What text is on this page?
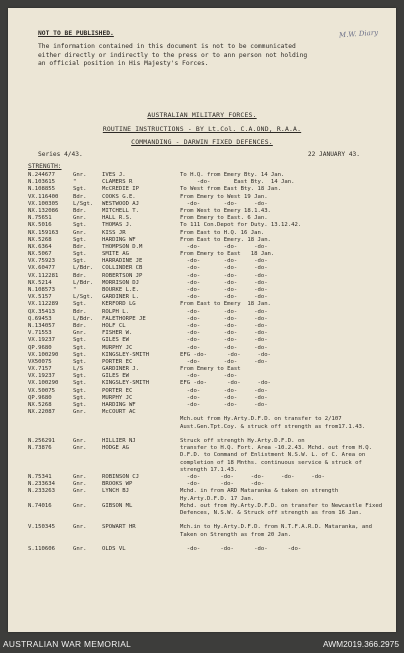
M.W. Diary
NOT TO BE PUBLISHED.
The information contained in this document is not to be communicated either directly or indirectly to the press or to ann person not holding an official position in His Majesty's Forces.
AUSTRALIAN MILITARY FORCES.
ROUTINE INSTRUCTIONS - BY Lt.Col. C.A.OND, R.A.A.
COMMANDING - DARWIN FIXED DEFENCES.
Series 4/43.	22 JANUARY 43.
STRENGTH:
N.244677	Gnr.	IVES J.	To H.Q. from Emery Bty. 14 Jan.
N.103615	"	CLAMERS R	-do-       East Bty.  14 Jan.
N.108855	Sgt.	McCREDIE IP	To West from East Bty. 18 Jan.
VX.116400	Bdr.	COOKS G.E.	From Emery to West 19 Jan.
VX.100305	L/Sgt.	WESTWOOD AJ	-do-       -do-     -do-
NX.132086	Bdr.	MITCHELL T.	From West to Emery 18.1.43.
N.75651	Gnr.	HALL R.S.	From Emery to East. 6 Jan.
NX.5016	Sgt.	THOMAS J.	To 111 Con.Depot for Duty. 13.12.42.
NX.159163	Gnr.	KISS JR	From East to H.Q. 16 Jan.
NX.5268	Sgt.	HARDING WF	From East to Emery. 18 Jan.
NX.6364	Bdr.	THOMPSON D.M	-do-       -do-     -do-
NX.5067	Sgt.	SMITE AG	From Emery to East   18 Jan.
VX.75923	Sgt.	HARRADINE JE	-do-       -do-     -do-
VX.60477	L/Bdr.	COLLINDER CB	-do-       -do-     -do-
VX.112281	Bdr.	ROBERTSON JP	-do-       -do-     -do-
NX.5214	L/Bdr.	MORRISON DJ	-do-       -do-     -do-
N.108573	"	BOURKE L.E.	-do-       -do-     -do-
VX.5157	L/Sgt.	GARDINER L.	-do-       -do-     -do-
VX.112289	Sgt.	KERFORD LG	From East to Emery  18 Jan.
QX.35413	Bdr.	ROLPH L.	-do-       -do-     -do-
Q.69453	L/Bdr.	FALETHORPE JE	-do-       -do-     -do-
N.134057	Bdr.	HOLF CL	-do-       -do-     -do-
V.71553	Gnr.	FISHER W.	-do-       -do-     -do-
VX.19237	Sgt.	GILES EW	-do-       -do-     -do-
QP.9680	Sgt.	MURPHY JC	-do-       -do-     -do-
VX.100290	Sgt.	KINGSLEY-SMITH	EFG -do-      -do-     -do-
VX50075	Sgt.	PORTER EC	-do-       -do-     -do-
VX.7157	L/S	GARDINER J.	From Emery to East
VX.19237	Sgt.	GILES EW	-do-       -do-
VX.100290	Sgt.	KINGSLEY-SMITH	EFG -do-      -do-     -do-
VX.50075	Sgt.	PORTER EC	-do-       -do-     -do-
QP.9680	Sgt.	MURPHY JC	-do-       -do-     -do-
NX.5268	Sgt.	HARDING WF	-do-       -do-     -do-
NX.22087	Gnr.	McCOURT AC
Mch.out from Hy.Arty.D.F.D. on transfer to 2/107 Aust.Gen.Tpt.Coy. & struck off strength as from17.1.43.
N.256291	Gnr.	HILLIER NJ	Struck off strength Hy.Arty.D.F.D. on
N.73876	Gnr.	HODGE AG	transfer to H.Q. Fort. Area -10.2.43. Mchd. out from H.Q. D.F.D. to Command of Enlistment N.S.W. L. of C. Area on completion of 18 Mnths. continuous service & struck of strength 17.1.43.
N.75341	Gnr.	ROBINSON CJ	-do-      -do-     -do-     -do-     -do-
N.233634	Gnr.	BROOKS WP	-do-      -do-     -do-
N.233263	Gnr.	LYNCH BJ	Mchd. in from ARD Mataranka & taken on strength Hy.Arty.D.F.D. 17 Jan.
N.74016	Gnr.	GIBSON ML	Mchd. out from Hy.Arty.D.F.D. on transfer to Newcastle Fixed Defences, N.S.W. & Struck off strength as from 16 Jan.
V.150345	Gnr.	SPOWART HR	Mch.in to Hy.Arty.D.F.D. from N.T.F.A.R.D. Mataranka, and Taken on Strength as from 20 Jan.
S.110606	Gnr.	OLDS VL	-do-      -do-      -do-      -do-
AUSTRALIAN WAR MEMORIAL	AWM2019.366.2975
